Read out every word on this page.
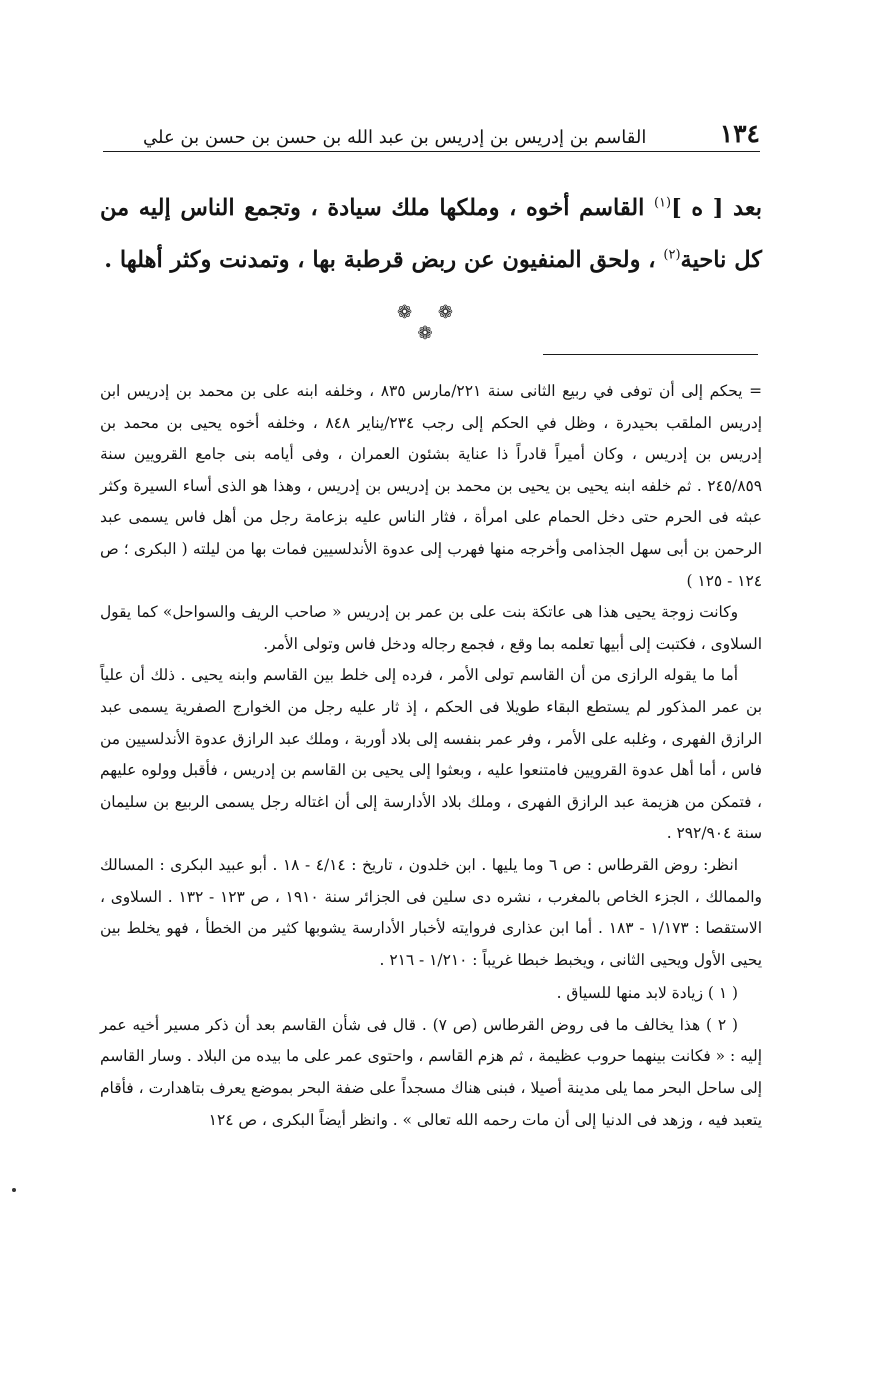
١٣٤
القاسم بن إدريس بن إدريس بن عبد الله بن حسن بن حسن بن علي

بعد [ ه ]$^{(١)}$ القاسم أخوه ، وملكها ملك سيادة ، وتجمع الناس إليه من كل ناحية$^{(٢)}$ ، ولحق المنفيون عن ربض قرطبة بها ، وتمدنت وكثر أهلها .

❁ ❁ ❁

= يحكم إلى أن توفى في ربيع الثانى سنة ٢٢١/مارس ٨٣٥ ، وخلفه ابنه على بن محمد بن إدريس ابن إدريس الملقب بحيدرة ، وظل في الحكم إلى رجب ٢٣٤/يناير ٨٤٨ ، وخلفه أخوه يحيى بن محمد بن إدريس بن إدريس ، وكان أميراً قادراً ذا عناية بشئون العمران ، وفى أيامه بنى جامع القرويين سنة ٢٤٥/٨٥٩ . ثم خلفه ابنه يحيى بن يحيى بن محمد بن إدريس بن إدريس ، وهذا هو الذى أساء السيرة وكثر عبثه فى الحرم حتى دخل الحمام على امرأة ، فثار الناس عليه بزعامة رجل من أهل فاس يسمى عبد الرحمن بن أبى سهل الجذامى وأخرجه منها فهرب إلى عدوة الأندلسيين فمات بها من ليلته ( البكرى ؛ ص ١٢٤ - ١٢٥ )

وكانت زوجة يحيى هذا هى عاتكة بنت على بن عمر بن إدريس « صاحب الريف والسواحل» كما يقول السلاوى ، فكتبت إلى أبيها تعلمه بما وقع ، فجمع رجاله ودخل فاس وتولى الأمر.

أما ما يقوله الرازى من أن القاسم تولى الأمر ، فرده إلى خلط بين القاسم وابنه يحيى . ذلك أن علياً بن عمر المذكور لم يستطع البقاء طويلا فى الحكم ، إذ ثار عليه رجل من الخوارج الصفرية يسمى عبد الرازق الفهرى ، وغلبه على الأمر ، وفر عمر بنفسه إلى بلاد أوربة ، وملك عبد الرازق عدوة الأندلسيين من فاس ، أما أهل عدوة القرويين فامتنعوا عليه ، وبعثوا إلى يحيى بن القاسم بن إدريس ، فأقبل وولوه عليهم ، فتمكن من هزيمة عبد الرازق الفهرى ، وملك بلاد الأدارسة إلى أن اغتاله رجل يسمى الربيع بن سليمان سنة ٢٩٢/٩٠٤ .

انظر: روض القرطاس : ص ٦ وما يليها . ابن خلدون ، تاريخ : ٤/١٤ - ١٨ . أبو عبيد البكرى : المسالك والممالك ، الجزء الخاص بالمغرب ، نشره دى سلين فى الجزائر سنة ١٩١٠ ، ص ١٢٣ - ١٣٢ . السلاوى ، الاستقصا : ١/١٧٣ - ١٨٣ . أما ابن عذارى فروايته لأخبار الأدارسة يشوبها كثير من الخطأ ، فهو يخلط بين يحيى الأول ويحيى الثانى ، ويخبط خبطا غريباً : ١/٢١٠ - ٢١٦ .

( ١ ) زيادة لابد منها للسياق .

( ٢ ) هذا يخالف ما فى روض القرطاس (ص ٧) . قال فى شأن القاسم بعد أن ذكر مسير أخيه عمر إليه : « فكانت بينهما حروب عظيمة ، ثم هزم القاسم ، واحتوى عمر على ما بيده من البلاد . وسار القاسم إلى ساحل البحر مما يلى مدينة أصيلا ، فبنى هناك مسجداً على ضفة البحر بموضع يعرف بتاهدارت ، فأقام يتعبد فيه ، وزهد فى الدنيا إلى أن مات رحمه الله تعالى » . وانظر أيضاً البكرى ، ص ١٢٤
